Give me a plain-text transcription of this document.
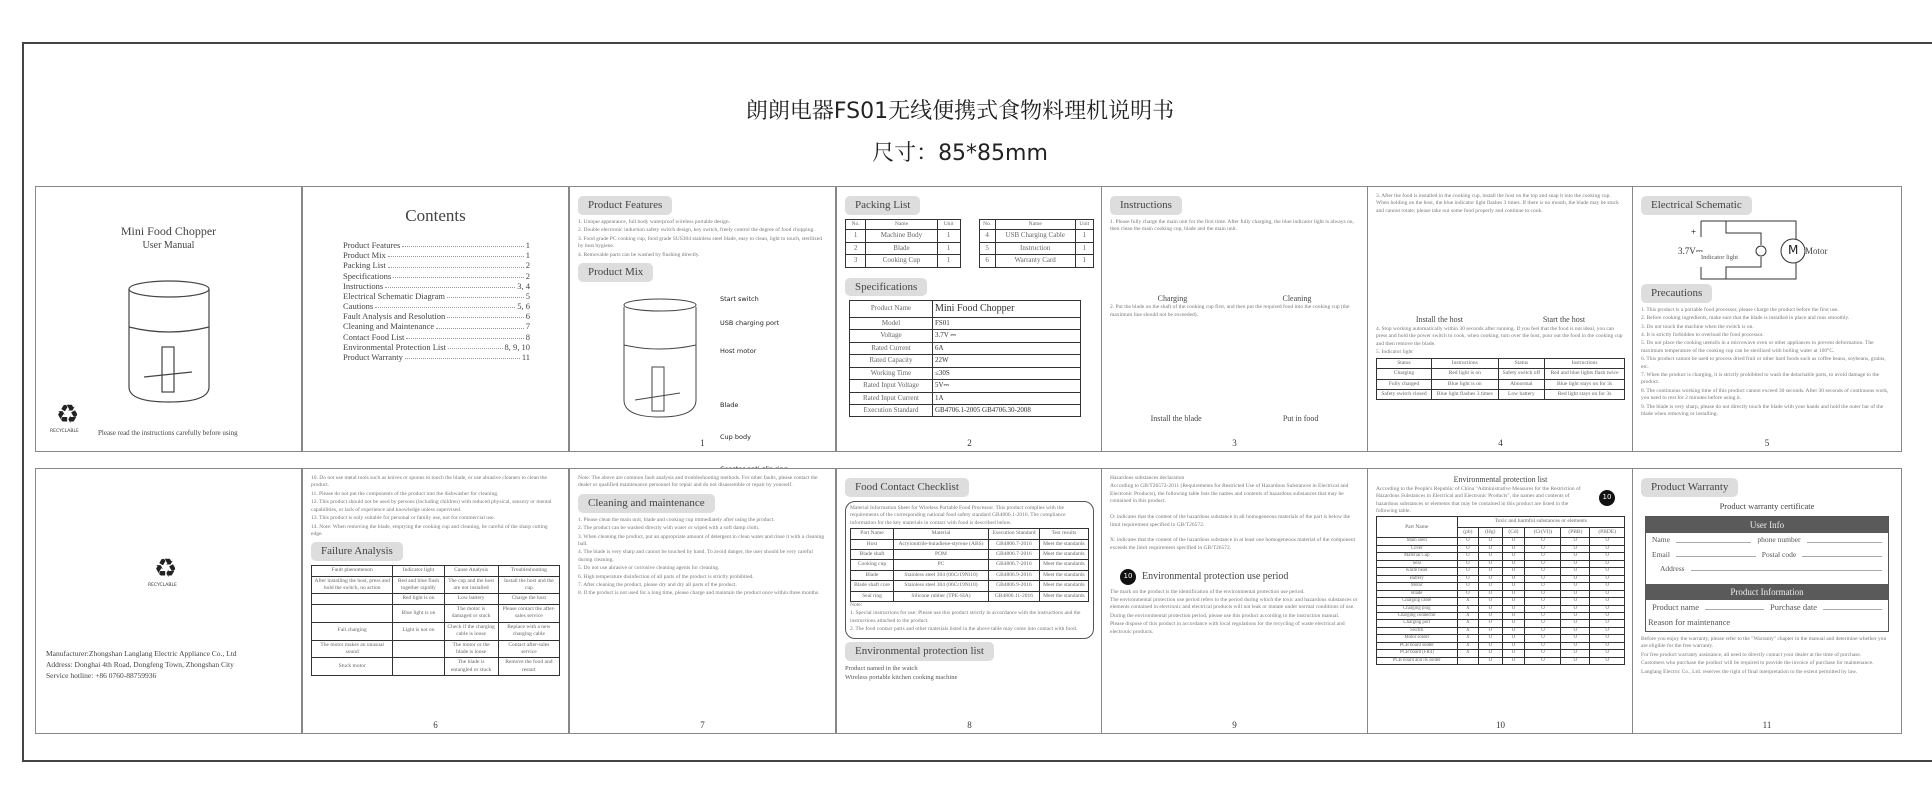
朗朗电器FS01无线便携式食物料理机说明书
尺寸：85*85mm
Mini Food Chopper
User Manual
♻
RECYCLABLE	Please read the instructions carefully before using
Contents
Product Features	1
Product Mix	1
Packing List	2
Specifications	2
Instructions	3, 4
Electrical Schematic Diagram	5
Cautions	5, 6
Fault Analysis and Resolution	6
Cleaning and Maintenance	7
Contact Food List	8
Environmental Protection List	8, 9, 10
Product Warranty	11
Product Features

1. Unique appearance, full body waterproof wireless portable design.

2. Double electronic induction safety switch design, key switch, freely control the degree of food chopping.

3. Food grade PC cooking cup, food grade SUS304 stainless steel blade, easy to clean, light to touch, sterilized by heat hygiene.

4. Removable parts can be washed by flushing directly.

Product Mix
Start switch
USB charging port
Host motor
Blade
Cup body
1
Packing List
No.	Name	Unit
1	Machine Body	1
2	Blade	1
3	Cooking Cup	1
No.	Name	Unit
4	USB Charging Cable	1
5	Instruction	1
6	Warranty Card	1
Specifications
Product Name	Mini Food Chopper
Model	FS01
Voltage	3.7V ⎓
Rated Current	6A
Rated Capacity	22W
Working Time	≤30S
Rated Input Voltage	5V⎓
Rated Input Current	1A
Execution Standard	GB4706.1-2005 GB4706.30-2008
2
Instructions

1. Please fully charge the main unit for the first time. After fully charging, the blue indicator light is always on, then clean the main cooking cup, blade and the main unit.

Charging	Cleaning

2. Put the blade on the shaft of the cooking cup first, and then put the required food into the cooking cup (the maximum line should not be exceeded).

Install the blade	Put in food
3

3. After the food is installed in the cooking cup, install the host on the top and snap it into the cooking cup. When holding on the host, the blue indicator light flashes 3 times. If there is no mouth, the blade may be stuck and cannot rotate; please take out some food properly and continue to cook.

Install the host	Start the host

4. Stop working automatically within 30 seconds after running. If you feel that the food is not ideal, you can press and hold the power switch to cook, when cooking, turn over the host, pour out the food in the cooking cup and then remove the blade.

5. Indicator light

Status	Instructions	Status	Instructions
Charging	Red light is on	Safety switch off	Red and blue lights flash twice
Fully charged	Blue light is on	Abnormal	Blue light stays on for 3s
Safety switch closed	Blue light flashes 3 times	Low battery	Red light stays on for 3s
4
Electrical Schematic
+
3.7V⎓
Indicator light
M Motor
Precautions

1. This product is a portable food processor, please charge the product before the first use.

2. Before cooking ingredients, make sure that the blade is installed in place and runs smoothly.

3. Do not touch the machine when the switch is on.

4. It is strictly forbidden to overload the food processor.

5. Do not place the cooking utensils in a microwave oven or other appliances to prevent deformation. The maximum temperature of the cooking cup can be sterilized with boiling water at 100°C.

6. This product cannot be used to process dried fruit or other hard foods such as coffee beans, soybeans, grains, etc.

7. When the product is charging, it is strictly prohibited to wash the detachable parts, to avoid damage to the product.

8. The continuous working time of this product cannot exceed 30 seconds. After 30 seconds of continuous work, you need to rest for 2 minutes before using it.

9. The blade is very sharp, please do not directly touch the blade with your hands and hold the outer bar of the blade when removing or installing.

5
♻
RECYCLABLE
Manufacturer:Zhongshan Langlang Electric Appliance Co., Ltd
Address: Donghai 4th Road, Dongfeng Town, Zhongshan City
Service hotline: +86 0760-88759936

10. Do not use metal tools such as knives or spoons to touch the blade, or use abrasive cleaners to clean the product.

11. Please do not put the components of the product into the dishwasher for cleaning.

12. This product should not be used by persons (including children) with reduced physical, sensory or mental capabilities, or lack of experience and knowledge unless supervised.

13. This product is only suitable for personal or family use, not for commercial use.

14. Note: When removing the blade, emptying the cooking cup and cleaning, be careful of the sharp cutting edge.

Failure Analysis
Fault phenomenon	Indicator light	Cause Analysis	Troubleshooting
After installing the host, press and hold the switch, no action	Red and blue flash together rapidly	The cup and the host are not installed	Install the host and the cup
	Red light is on	Low battery	Charge the host
	Blue light is on	The motor is damaged or stuck	Please contact the after-sales service
Fail charging	Light is not on	Check if the charging cable is loose	Replace with a new charging cable
The motor makes an unusual sound		The motor or the blade is loose	Contact after-sales service
Stuck motor		The blade is entangled or stuck	Remove the food and restart
6

Note: The above are common fault analysis and troubleshooting methods. For other faults, please contact the dealer or qualified maintenance personnel for repair and do not disassemble or repair by yourself.

Cleaning and maintenance

1. Please clean the main unit, blade and cooking cup immediately after using the product.

2. The product can be washed directly with water or wiped with a soft damp cloth.

3. When cleaning the product, put an appropriate amount of detergent in clean water and rinse it with a cleaning ball.

4. The blade is very sharp and cannot be touched by hand. To avoid danger, the user should be very careful during cleaning.

5. Do not use abrasive or corrosive cleaning agents for cleaning.

6. High temperature disinfection of all parts of the product is strictly prohibited.

7. After cleaning the product, please dry and dry all parts of the product.

8. If the product is not used for a long time, please charge and maintain the product once within three months.

7
Food Contact Checklist

Material Information Sheet for Wireless Portable Food Processor. This product complies with the requirements of the corresponding national food safety standard GB4806.1-2016. The compliance information for the key materials in contact with food is described below.

Part Name	Material	Execution Standard	Test results
Host	Acrylonitrile-butadiene-styrene (ABS)	GB4806.7-2016	Meet the standards
Blade shaft	POM	GB4806.7-2016	Meet the standards
Cooking cup	PC	GB4806.7-2016	Meet the standards
Blade	Stainless steel 304 (06Cr19Ni10)	GB4806.9-2016	Meet the standards
Blade shaft core	Stainless steel 304 (06Cr19Ni10)	GB4806.9-2016	Meet the standards
Seal ring	Silicone rubber (TPE-SIA)	GB4806.11-2016	Meet the standards

Note:

1. Special instructions for use: Please use this product strictly in accordance with the instructions and the instructions attached to the product.

2. The food contact parts and other materials listed in the above table may come into contact with food.

Environmental protection list

Product named in the watch

Wireless portable kitchen cooking machine

8

Hazardous substances declaration

According to GB/T26572-2011 (Requirements for Restricted Use of Hazardous Substances in Electrical and Electronic Products), the following table lists the names and contents of hazardous substances that may be contained in this product.

O: indicates that the content of the hazardous substance in all homogeneous materials of the part is below the limit requirement specified in GB/T26572.

X: indicates that the content of the hazardous substance in at least one homogeneous material of the component exceeds the limit requirement specified in GB/T26572.

10 Environmental protection use period

The mark on the product is the identification of the environmental protection use period.

The environmental protection use period refers to the period during which the toxic and hazardous substances or elements contained in electronic and electrical products will not leak or mutate under normal conditions of use.

During the environmental protection period, please use this product according to the instruction manual.

Please dispose of this product in accordance with local regulations for the recycling of waste electrical and electronic products.

9
Environmental protection list

According to the People's Republic of China "Administrative Measures for the Restriction of Hazardous Substances in Electrical and Electronic Products", the names and contents of hazardous substances or elements that may be contained in this product are listed in the following table.

10
Part Name	Toxic and harmful substances or elements					
	(pb)	(Hg)	(Cd)	(Cr(VI))	(PBB)	(PBDE)
Main shell	O	O	O	O	O	O
Cover	O	O	O	O	O	O
Material Cup	O	O	O	O	O	O
Seal	O	O	O	O	O	O
Knife head	O	O	O	O	O	O
Battery	O	O	O	O	O	O
Motor	O	O	O	O	O	O
Blade	O	O	O	O	O	O
Charging cable	X	O	O	O	O	O
Charging plug	X	O	O	O	O	O
Charging connector	X	O	O	O	O	O
Charging port	X	O	O	O	O	O
Switch	X	O	O	O	O	O
Motor solder	X	O	O	O	O	O
PCB board solder	X	O	O	O	O	O
PCB board (FR4)	X	O	O	O	O	O
PCB board and its solder		O	O	O	O	O
10
Product Warranty
Product warranty certificate
User Info
Name	phone number
Email	Postal code
Address
Product Information
Product name	Purchase date
Reason for maintenance

Before you enjoy the warranty, please refer to the "Warranty" chapter in the manual and determine whether you are eligible for the free warranty.

For free product warranty assistance, all need to directly contact your dealer at the time of purchase.

Customers who purchase the product will be required to provide the invoice of purchase for maintenance.

Langlang Electric Co., Ltd. reserves the right of final interpretation to the extent permitted by law.

11
